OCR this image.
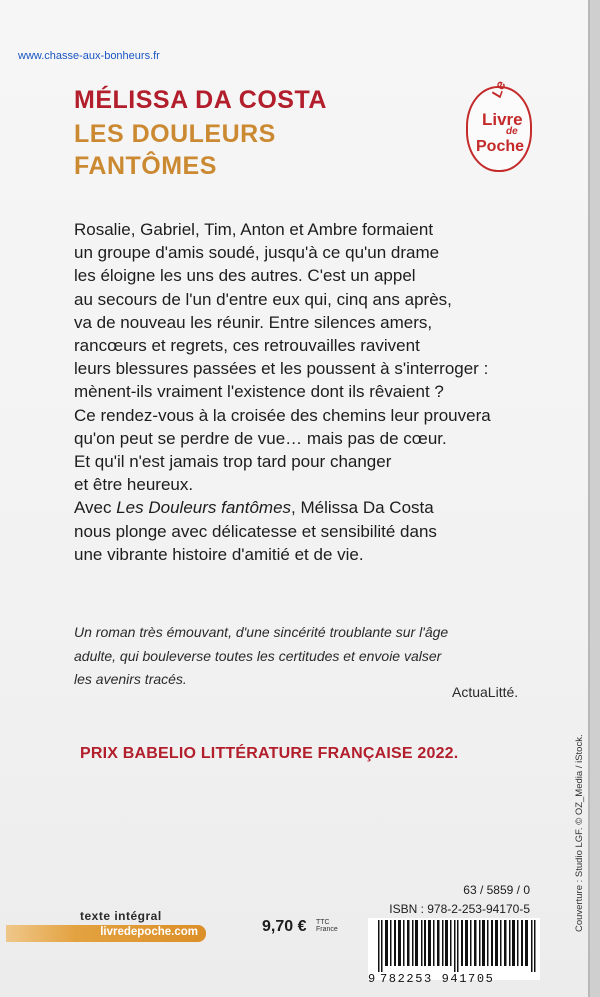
www.chasse-aux-bonheurs.fr
MÉLISSA DA COSTA
LES DOULEURS
FANTÔMES
Le
Livre
de
Poche
Rosalie, Gabriel, Tim, Anton et Ambre formaient
un groupe d'amis soudé, jusqu'à ce qu'un drame
les éloigne les uns des autres. C'est un appel
au secours de l'un d'entre eux qui, cinq ans après,
va de nouveau les réunir. Entre silences amers,
rancœurs et regrets, ces retrouvailles ravivent
leurs blessures passées et les poussent à s'interroger :
mènent-ils vraiment l'existence dont ils rêvaient ?
Ce rendez-vous à la croisée des chemins leur prouvera
qu'on peut se perdre de vue… mais pas de cœur.
Et qu'il n'est jamais trop tard pour changer
et être heureux.
Avec Les Douleurs fantômes, Mélissa Da Costa
nous plonge avec délicatesse et sensibilité dans
une vibrante histoire d'amitié et de vie.
Un roman très émouvant, d'une sincérité troublante sur l'âge
adulte, qui bouleverse toutes les certitudes et envoie valser
les avenirs tracés.
ActuaLitté.
PRIX BABELIO LITTÉRATURE FRANÇAISE 2022.	Couverture : Studio LGF. © OZ_Media / iStock.
63 / 5859 / 0
ISBN : 978-2-253-94170-5
texte intégral
livredepoche.com	9,70 € TTC
France
9 782253 941705
